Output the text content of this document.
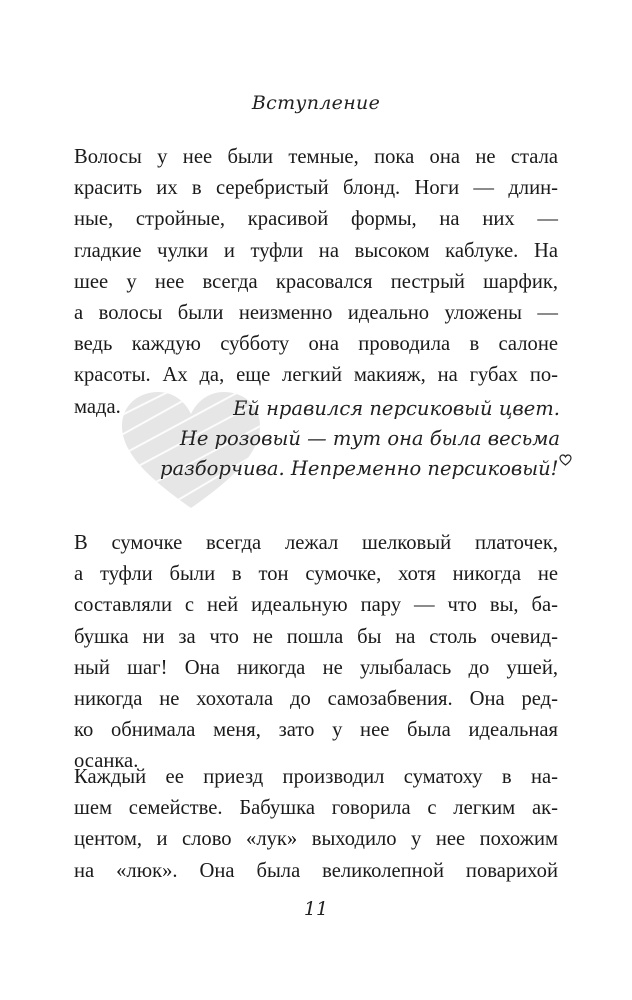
Вступление
Волосы у нее были темные, пока она не стала
красить их в серебристый блонд. Ноги — длин-
ные, стройные, красивой формы, на них —
гладкие чулки и туфли на высоком каблуке. На
шее у нее всегда красовался пестрый шарфик,
а волосы были неизменно идеально уложены —
ведь каждую субботу она проводила в салоне
красоты. Ах да, еще легкий макияж, на губах по-
мада.	Ей нравился персиковый цвет.
Не розовый — тут она была весьма
разборчива. Непременно персиковый!
В сумочке всегда лежал шелковый платочек,
а туфли были в тон сумочке, хотя никогда не
составляли с ней идеальную пару — что вы, ба-
бушка ни за что не пошла бы на столь очевид-
ный шаг! Она никогда не улыбалась до ушей,
никогда не хохотала до самозабвения. Она ред-
ко обнимала меня, зато у нее была идеальная
осанка.
Каждый ее приезд производил суматоху в на-
шем семействе. Бабушка говорила с легким ак-
центом, и слово «лук» выходило у нее похожим
на «люк». Она была великолепной поварихой
11
